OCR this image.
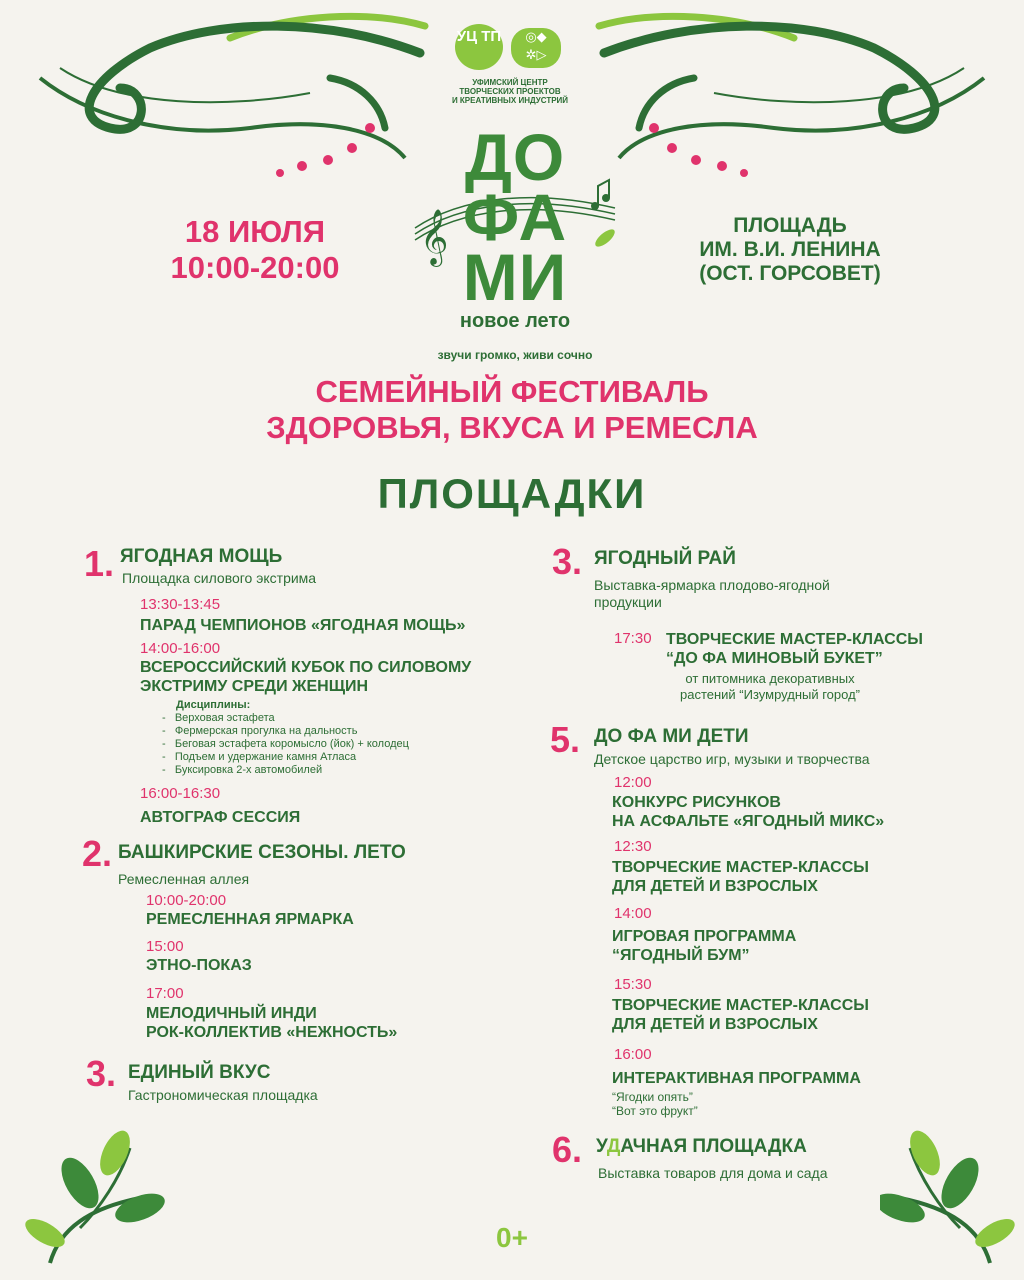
УЦ ТП	◎◆
✲▷
УФИМСКИЙ ЦЕНТР
ТВОРЧЕСКИХ ПРОЕКТОВ
И КРЕАТИВНЫХ ИНДУСТРИЙ
𝄞
ДО
ФА
МИ
новое лето
звучи громко, живи сочно
18 ИЮЛЯ
10:00-20:00
ПЛОЩАДЬ
ИМ. В.И. ЛЕНИНА
(ОСТ. ГОРСОВЕТ)
СЕМЕЙНЫЙ ФЕСТИВАЛЬ
ЗДОРОВЬЯ, ВКУСА И РЕМЕСЛА
ПЛОЩАДКИ
1. ЯГОДНАЯ МОЩЬ
Площадка силового экстрима
13:30-13:45
ПАРАД ЧЕМПИОНОВ «ЯГОДНАЯ МОЩЬ»
14:00-16:00
ВСЕРОССИЙСКИЙ КУБОК ПО СИЛОВОМУ
ЭКСТРИМУ СРЕДИ ЖЕНЩИН
Дисциплины:
-   Верховая эстафета
-   Фермерская прогулка на дальность
-   Беговая эстафета коромысло (йок) + колодец
-   Подъем и удержание камня Атласа
-   Буксировка 2-х автомобилей
16:00-16:30
АВТОГРАФ СЕССИЯ
2. БАШКИРСКИЕ СЕЗОНЫ. ЛЕТО
Ремесленная аллея
10:00-20:00
РЕМЕСЛЕННАЯ ЯРМАРКА
15:00
ЭТНО-ПОКАЗ
17:00
МЕЛОДИЧНЫЙ ИНДИ
РОК-КОЛЛЕКТИВ «НЕЖНОСТЬ»
3. ЕДИНЫЙ ВКУС
Гастрономическая площадка
3. ЯГОДНЫЙ РАЙ
Выставка-ярмарка плодово-ягодной
продукции
17:30 ТВОРЧЕСКИЕ МАСТЕР-КЛАССЫ
“ДО ФА МИНОВЫЙ БУКЕТ”
от питомника декоративных
растений “Изумрудный город”
5. ДО ФА МИ ДЕТИ
Детское царство игр, музыки и творчества
12:00
КОНКУРС РИСУНКОВ
НА АСФАЛЬТЕ «ЯГОДНЫЙ МИКС»
12:30
ТВОРЧЕСКИЕ МАСТЕР-КЛАССЫ
ДЛЯ ДЕТЕЙ И ВЗРОСЛЫХ
14:00
ИГРОВАЯ ПРОГРАММА
“ЯГОДНЫЙ БУМ”
15:30
ТВОРЧЕСКИЕ МАСТЕР-КЛАССЫ
ДЛЯ ДЕТЕЙ И ВЗРОСЛЫХ
16:00
ИНТЕРАКТИВНАЯ ПРОГРАММА
“Ягодки опять”
“Вот это фрукт”
6. УДАЧНАЯ ПЛОЩАДКА
Выставка товаров для дома и сада
0+
